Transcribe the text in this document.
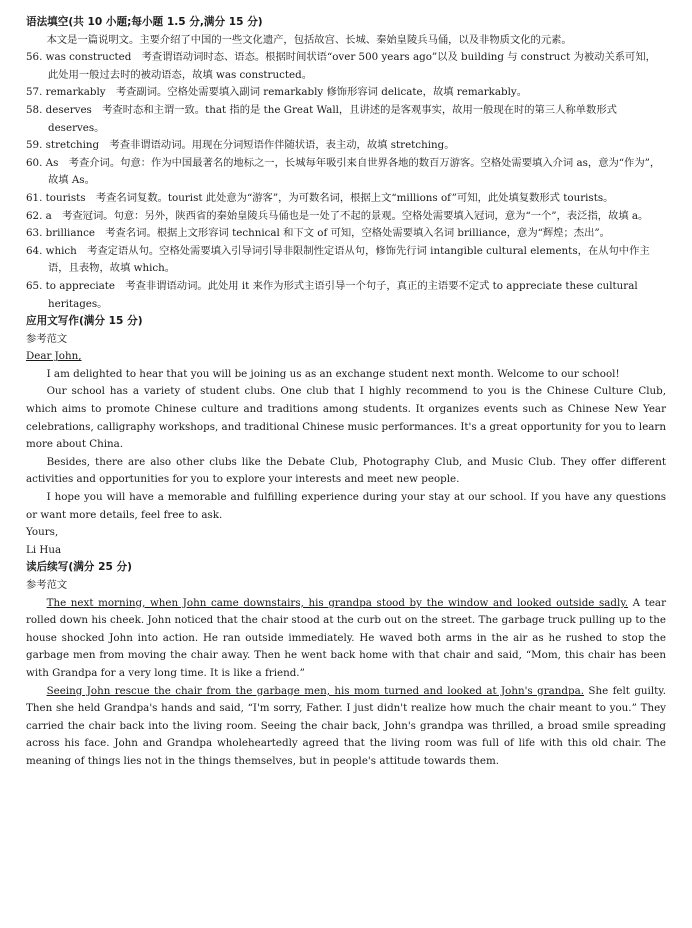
语法填空(共 10 小题;每小题 1.5 分,满分 15 分)

本文是一篇说明文。主要介绍了中国的一些文化遗产，包括故宫、长城、秦始皇陵兵马俑，以及非物质文化的元素。

56. was constructed　考查谓语动词时态、语态。根据时间状语“over 500 years ago”以及 building 与 construct 为被动关系可知，此处用一般过去时的被动语态，故填 was constructed。

57. remarkably　考查副词。空格处需要填入副词 remarkably 修饰形容词 delicate，故填 remarkably。

58. deserves　考查时态和主谓一致。that 指的是 the Great Wall，且讲述的是客观事实，故用一般现在时的第三人称单数形式 deserves。

59. stretching　考查非谓语动词。用现在分词短语作伴随状语，表主动，故填 stretching。

60. As　考查介词。句意：作为中国最著名的地标之一，长城每年吸引来自世界各地的数百万游客。空格处需要填入介词 as，意为“作为”，故填 As。

61. tourists　考查名词复数。tourist 此处意为“游客”，为可数名词，根据上文“millions of”可知，此处填复数形式 tourists。

62. a　考查冠词。句意：另外，陕西省的秦始皇陵兵马俑也是一处了不起的景观。空格处需要填入冠词，意为“一个”，表泛指，故填 a。

63. brilliance　考查名词。根据上文形容词 technical 和下文 of 可知，空格处需要填入名词 brilliance，意为“辉煌；杰出”。

64. which　考查定语从句。空格处需要填入引导词引导非限制性定语从句，修饰先行词 intangible cultural elements，在从句中作主语，且表物，故填 which。

65. to appreciate　考查非谓语动词。此处用 it 来作为形式主语引导一个句子，真正的主语要不定式 to appreciate these cultural heritages。

应用文写作(满分 15 分)

参考范文

Dear John,

I am delighted to hear that you will be joining us as an exchange student next month. Welcome to our school!

Our school has a variety of student clubs. One club that I highly recommend to you is the Chinese Culture Club, which aims to promote Chinese culture and traditions among students. It organizes events such as Chinese New Year celebrations, calligraphy workshops, and traditional Chinese music performances. It's a great opportunity for you to learn more about China.

Besides, there are also other clubs like the Debate Club, Photography Club, and Music Club. They offer different activities and opportunities for you to explore your interests and meet new people.

I hope you will have a memorable and fulfilling experience during your stay at our school. If you have any questions or want more details, feel free to ask.

Yours,

Li Hua

读后续写(满分 25 分)

参考范文

The next morning, when John came downstairs, his grandpa stood by the window and looked outside sadly. A tear rolled down his cheek. John noticed that the chair stood at the curb out on the street. The garbage truck pulling up to the house shocked John into action. He ran outside immediately. He waved both arms in the air as he rushed to stop the garbage men from moving the chair away. Then he went back home with that chair and said, “Mom, this chair has been with Grandpa for a very long time. It is like a friend.”

Seeing John rescue the chair from the garbage men, his mom turned and looked at John's grandpa. She felt guilty. Then she held Grandpa's hands and said, “I'm sorry, Father. I just didn't realize how much the chair meant to you.” They carried the chair back into the living room. Seeing the chair back, John's grandpa was thrilled, a broad smile spreading across his face. John and Grandpa wholeheartedly agreed that the living room was full of life with this old chair. The meaning of things lies not in the things themselves, but in people's attitude towards them.
